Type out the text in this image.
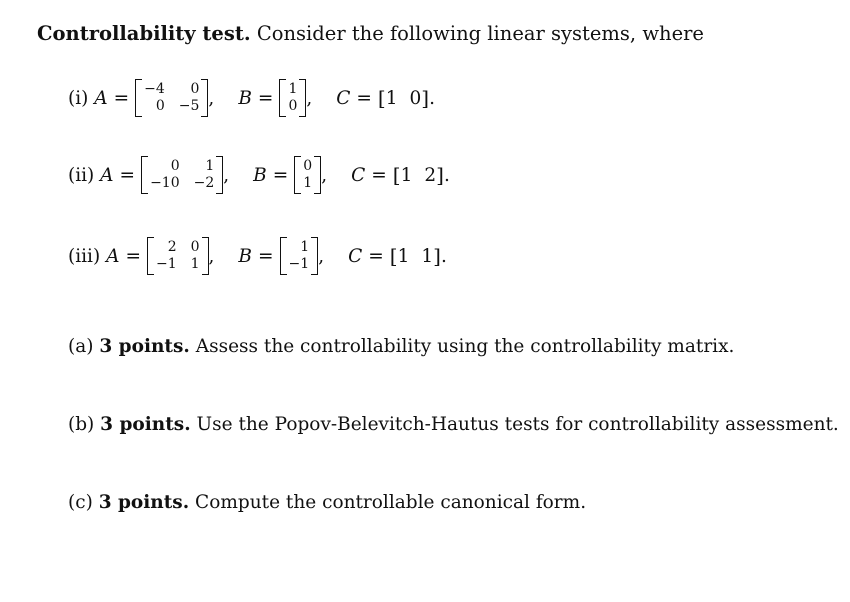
Controllability test. Consider the following linear systems, where
(i)
A = −4	0
0 −5 , B = 1
0 , C = [ 1 0 ] .
(ii)
A =	0	1
−10 −2 , B = 0
1 , C = [ 1 2 ] .
(iii)
A =	2 0
−1 1 , B =	1
−1 , C = [ 1 1 ] .
(a) 3 points. Assess the controllability using the controllability matrix.
(b) 3 points. Use the Popov-Belevitch-Hautus tests for controllability assessment.
(c) 3 points. Compute the controllable canonical form.
